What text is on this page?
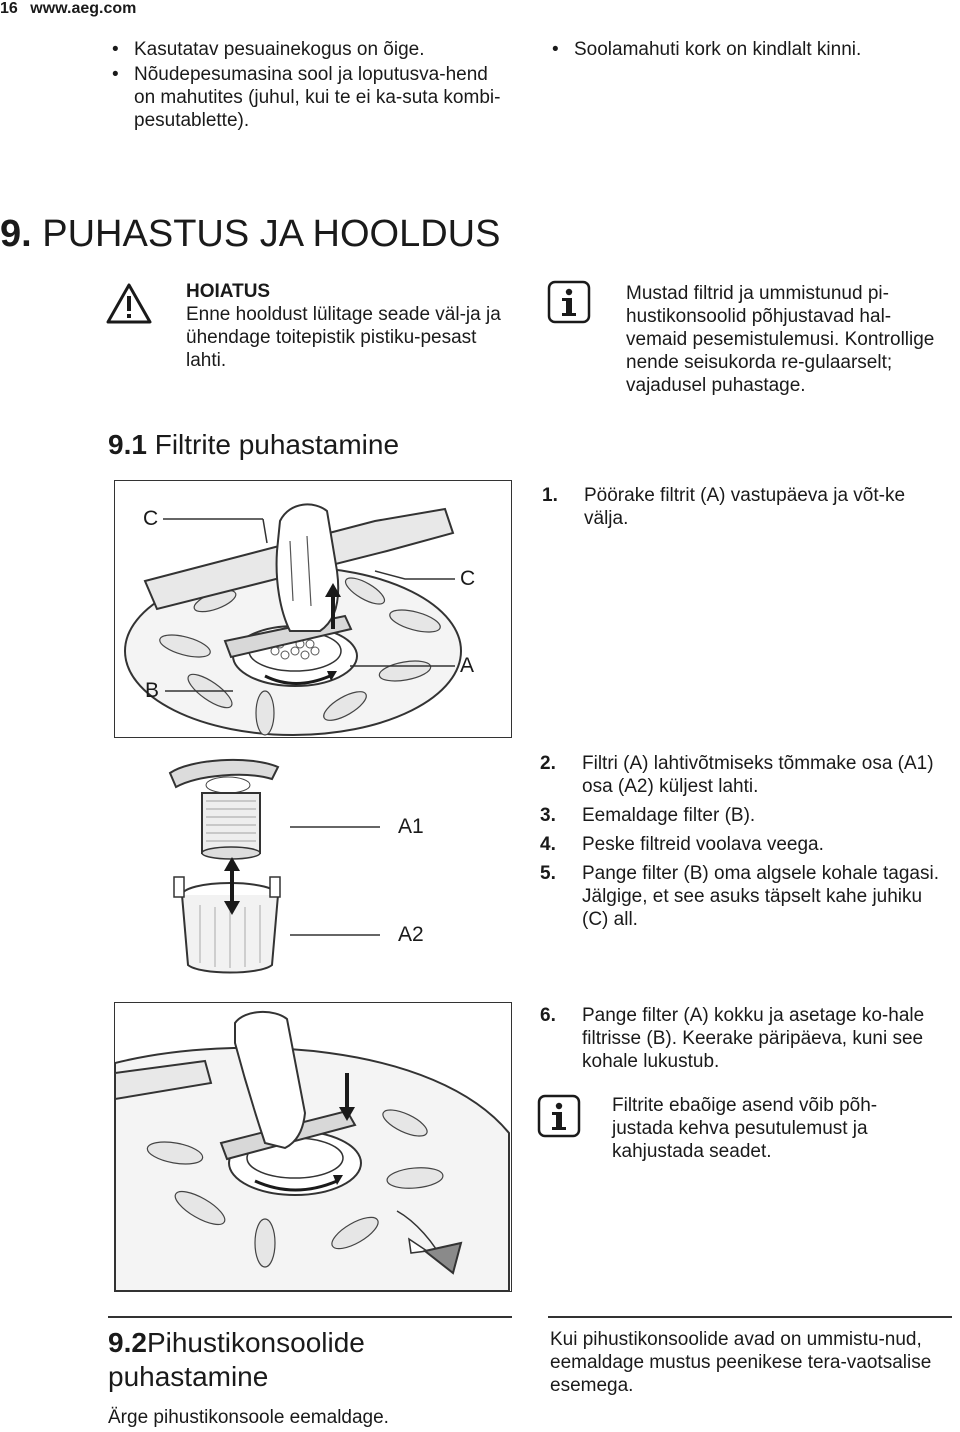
16 www.aeg.com
• Kasutatav pesuainekogus on õige.
• Nõudepesumasina sool ja loputusva-hend on mahutites (juhul, kui te ei ka-suta kombi-pesutablette).
• Soolamahuti kork on kindlalt kinni.
9. PUHASTUS JA HOOLDUS
HOIATUS
Enne hooldust lülitage seade väl-ja ja ühendage toitepistik pistiku-pesast lahti.
Mustad filtrid ja ummistunud pi-hustikonsoolid põhjustavad hal-vemaid pesemistulemusi. Kontrollige nende seisukorda re-gulaarselt; vajadusel puhastage.
9.1 Filtrite puhastamine
C
C
B
A
1. Pöörake filtrit (A) vastupäeva ja võt-ke välja.
A1
A2
2. Filtri (A) lahtivõtmiseks tõmmake osa (A1) osa (A2) küljest lahti.
3. Eemaldage filter (B).
4. Peske filtreid voolava veega.
5. Pange filter (B) oma algsele kohale tagasi. Jälgige, et see asuks täpselt kahe juhiku (C) all.
6. Pange filter (A) kokku ja asetage ko-hale filtrisse (B). Keerake päripäeva, kuni see kohale lukustub.
Filtrite ebaõige asend võib põh-justada kehva pesutulemust ja kahjustada seadet.
9.2Pihustikonsoolide puhastamine
Ärge pihustikonsoole eemaldage.
Kui pihustikonsoolide avad on ummistu-nud, eemaldage mustus peenikese tera-vaotsalise esemega.
